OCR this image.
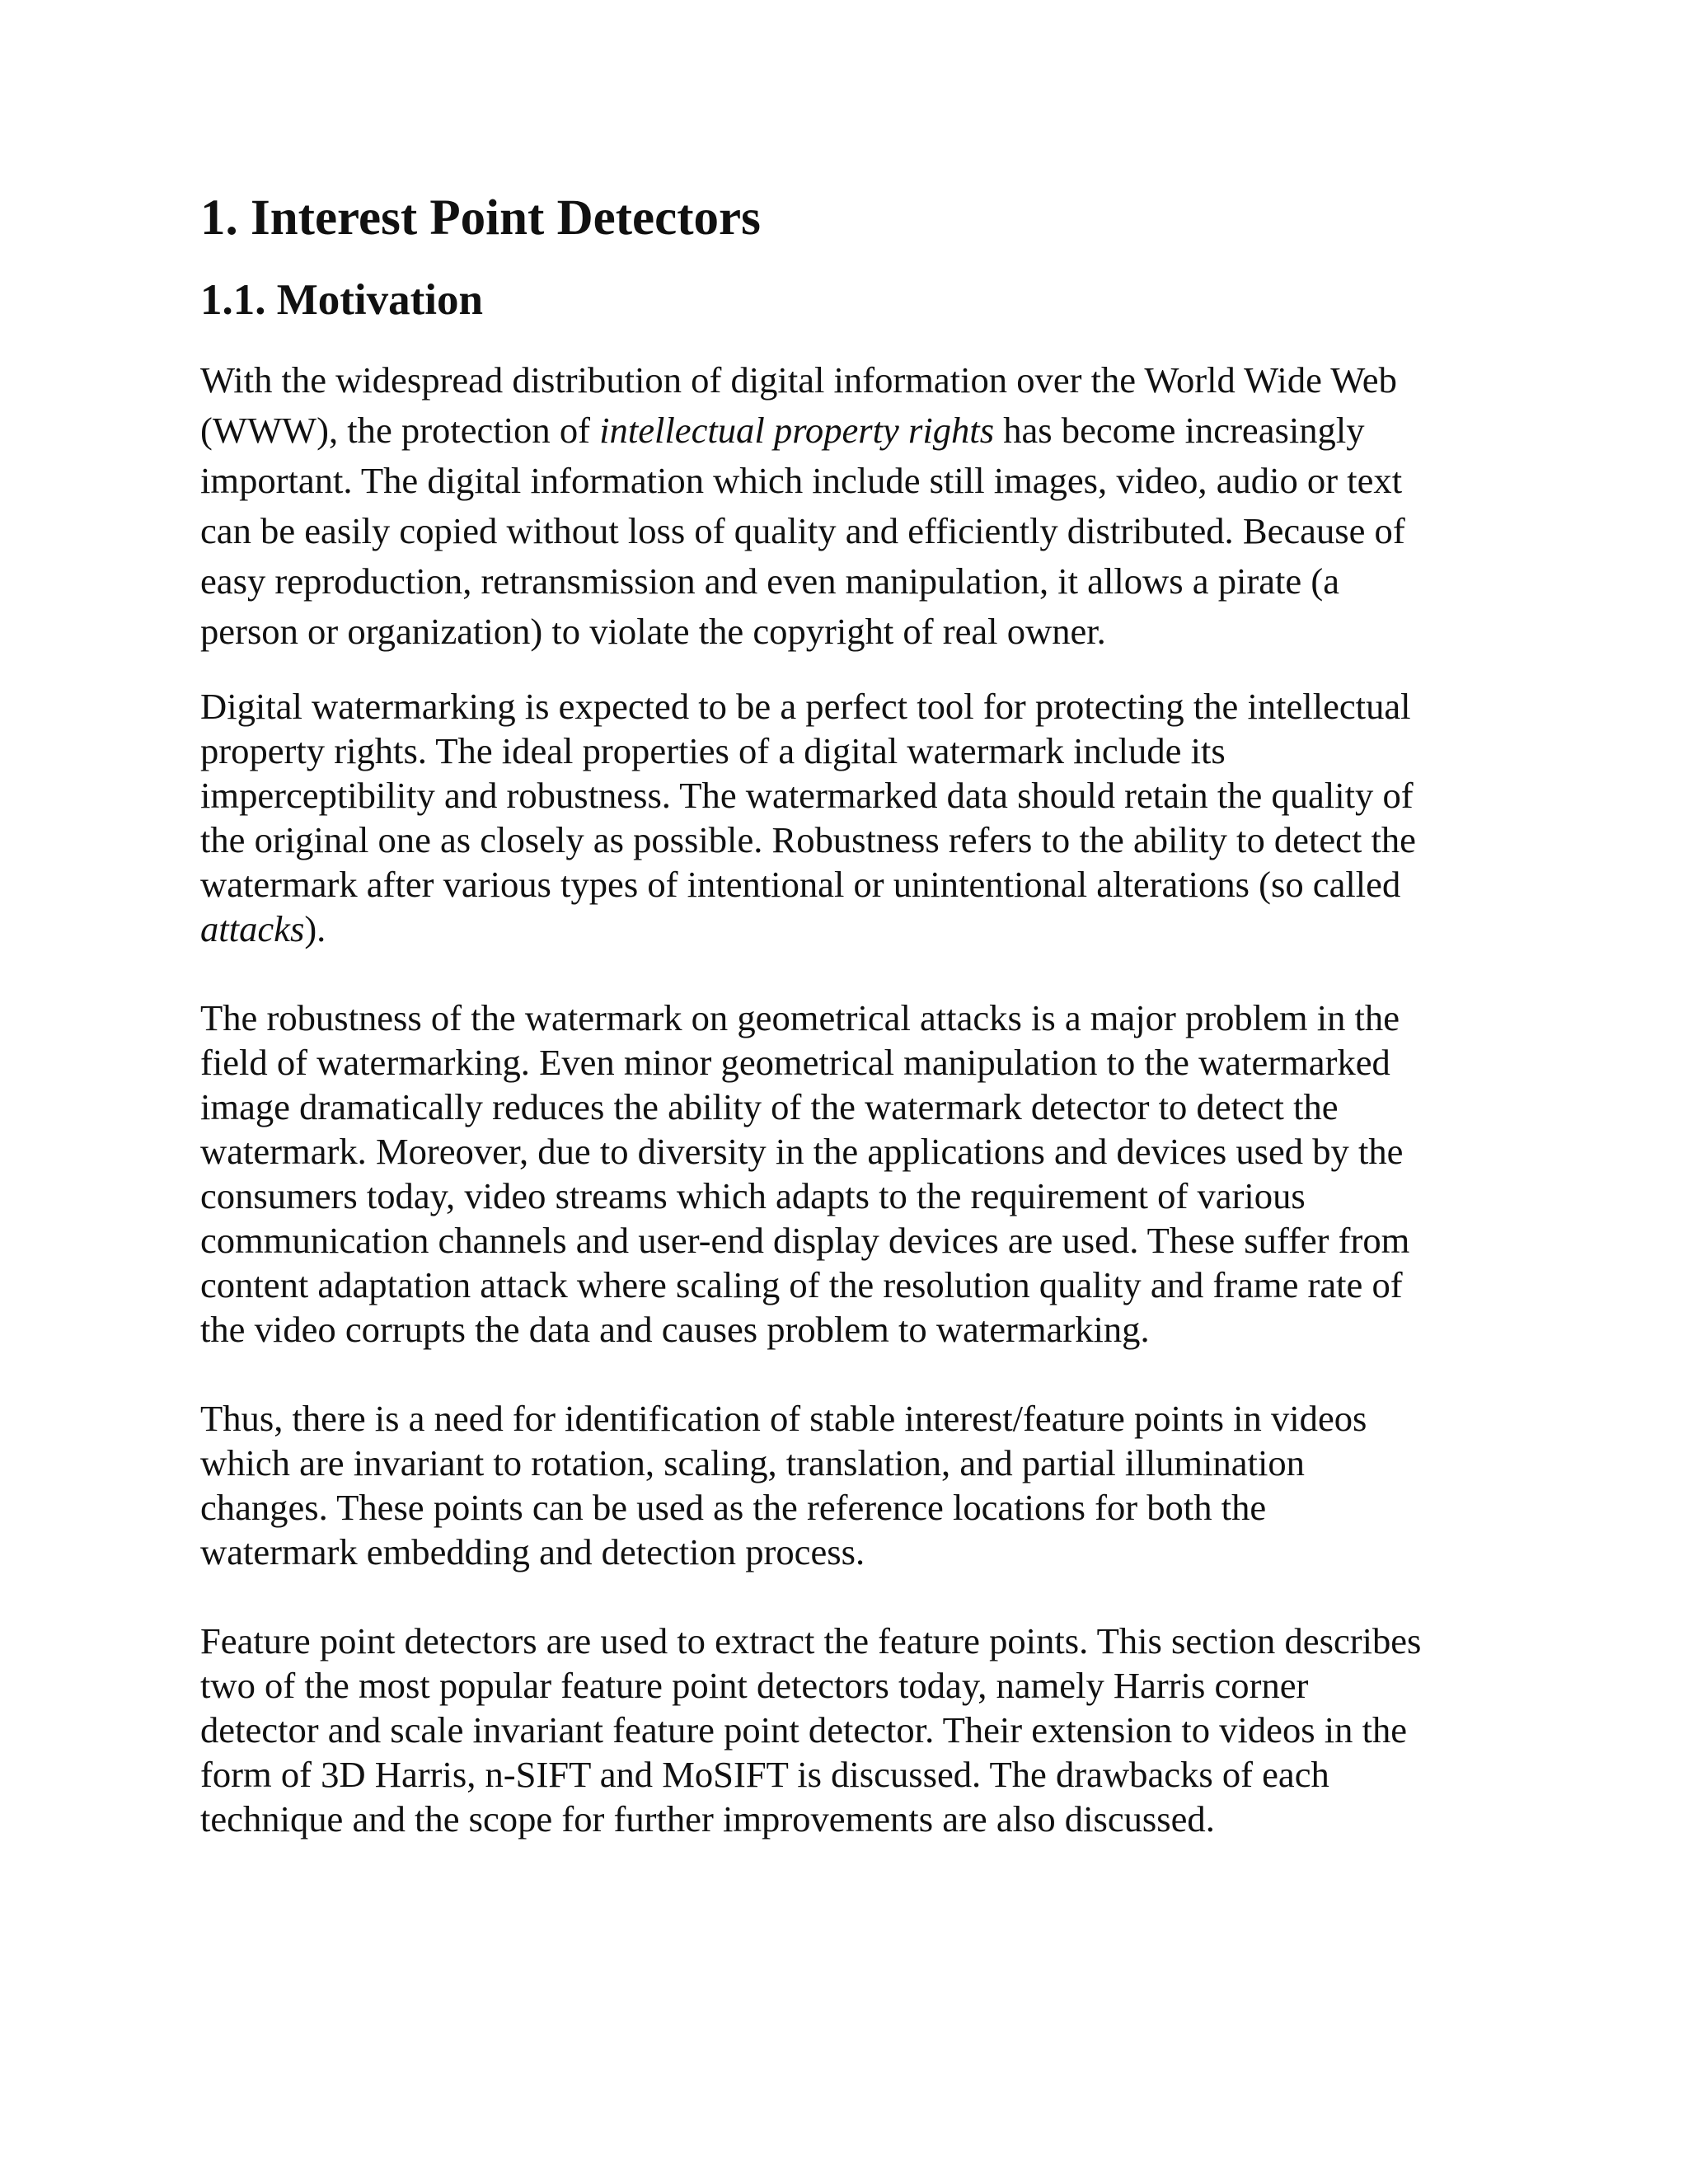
1. Interest Point Detectors
1.1. Motivation

With the widespread distribution of digital information over the World Wide Web
(WWW), the protection of intellectual property rights has become increasingly
important. The digital information which include still images, video, audio or text
can be easily copied without loss of quality and efficiently distributed. Because of
easy reproduction, retransmission and even manipulation, it allows a pirate (a
person or organization) to violate the copyright of real owner.

Digital watermarking is expected to be a perfect tool for protecting the intellectual
property rights. The ideal properties of a digital watermark include its
imperceptibility and robustness. The watermarked data should retain the quality of
the original one as closely as possible. Robustness refers to the ability to detect the
watermark after various types of intentional or unintentional alterations (so called
attacks).

The robustness of the watermark on geometrical attacks is a major problem in the
field of watermarking. Even minor geometrical manipulation to the watermarked
image dramatically reduces the ability of the watermark detector to detect the
watermark. Moreover, due to diversity in the applications and devices used by the
consumers today, video streams which adapts to the requirement of various
communication channels and user-end display devices are used. These suffer from
content adaptation attack where scaling of the resolution quality and frame rate of
the video corrupts the data and causes problem to watermarking.

Thus, there is a need for identification of stable interest/feature points in videos
which are invariant to rotation, scaling, translation, and partial illumination
changes. These points can be used as the reference locations for both the
watermark embedding and detection process.

Feature point detectors are used to extract the feature points. This section describes
two of the most popular feature point detectors today, namely Harris corner
detector and scale invariant feature point detector. Their extension to videos in the
form of 3D Harris, n-SIFT and MoSIFT is discussed. The drawbacks of each
technique and the scope for further improvements are also discussed.
